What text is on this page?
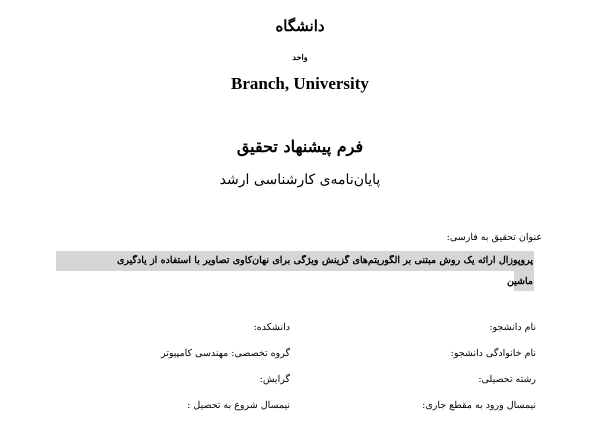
دانشگاه
واحد
Branch, University
فرم پیشنهاد تحقیق
پایان‌نامه‌ی کارشناسی ارشد
عنوان تحقیق به فارسی:
پروپوزال ارائه یک روش مبتنی بر الگوریتم‌های گزینش ویژگی برای نهان‌کاوی تصاویر با استفاده از یادگیری
ماشین
نام دانشجو:
دانشکده:
نام خانوادگی دانشجو:
گروه تخصصی: مهندسی کامپیوتر
رشته تحصیلی:
گرایش:
نیمسال ورود به مقطع جاری:
نیمسال شروع به تحصیل :
